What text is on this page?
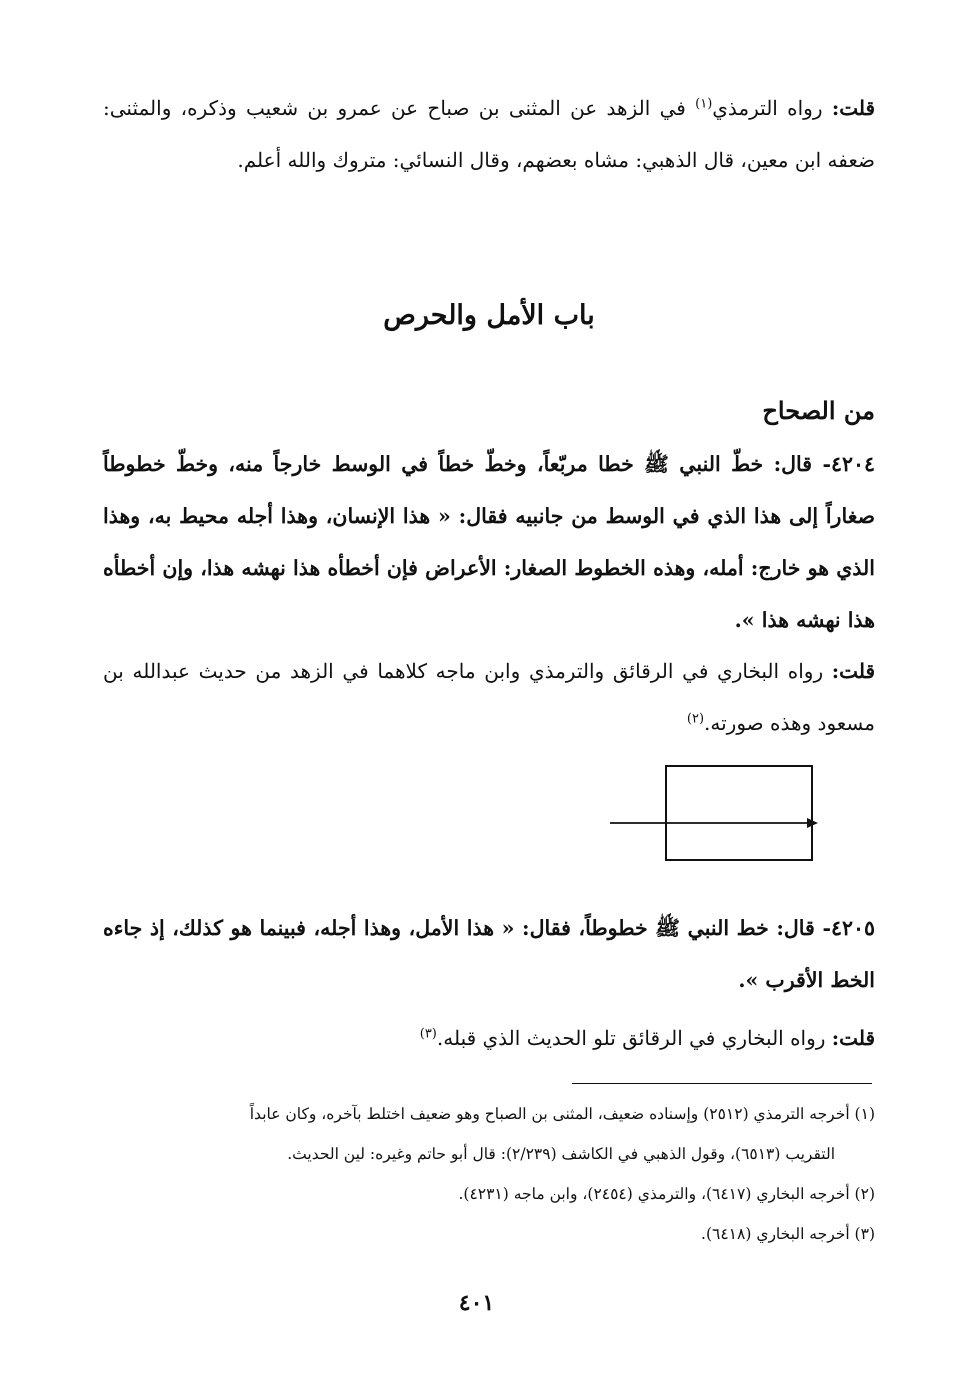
قلت: رواه الترمذي$^{(١)}$ في الزهد عن المثنى بن صباح عن عمرو بن شعيب وذكره، والمثنى: ضعفه ابن معين، قال الذهبي: مشاه بعضهم، وقال النسائي: متروك والله أعلم.
باب الأمل والحرص
من الصحاح
٤٢٠٤- قال: خطّ النبي ﷺ خطا مربّعاً، وخطّ خطاً في الوسط خارجاً منه، وخطّ خطوطاً صغاراً إلى هذا الذي في الوسط من جانبيه فقال: « هذا الإنسان، وهذا أجله محيط به، وهذا الذي هو خارج: أمله، وهذه الخطوط الصغار: الأعراض فإن أخطأه هذا نهشه هذا، وإن أخطأه هذا نهشه هذا ».
قلت: رواه البخاري في الرقائق والترمذي وابن ماجه كلاهما في الزهد من حديث عبدالله بن مسعود وهذه صورته.$^{(٢)}$
٤٢٠٥- قال: خط النبي ﷺ خطوطاً، فقال: « هذا الأمل، وهذا أجله، فبينما هو كذلك، إذ جاءه الخط الأقرب ».
قلت: رواه البخاري في الرقائق تلو الحديث الذي قبله.$^{(٣)}$
(١) أخرجه الترمذي (٢٥١٢) وإسناده ضعيف، المثنى بن الصباح وهو ضعيف اختلط بآخره، وكان عابداً
التقريب (٦٥١٣)، وقول الذهبي في الكاشف (٢/٢٣٩): قال أبو حاتم وغيره: لين الحديث.
(٢) أخرجه البخاري (٦٤١٧)، والترمذي (٢٤٥٤)، وابن ماجه (٤٢٣١).
(٣) أخرجه البخاري (٦٤١٨).
٤٠١
